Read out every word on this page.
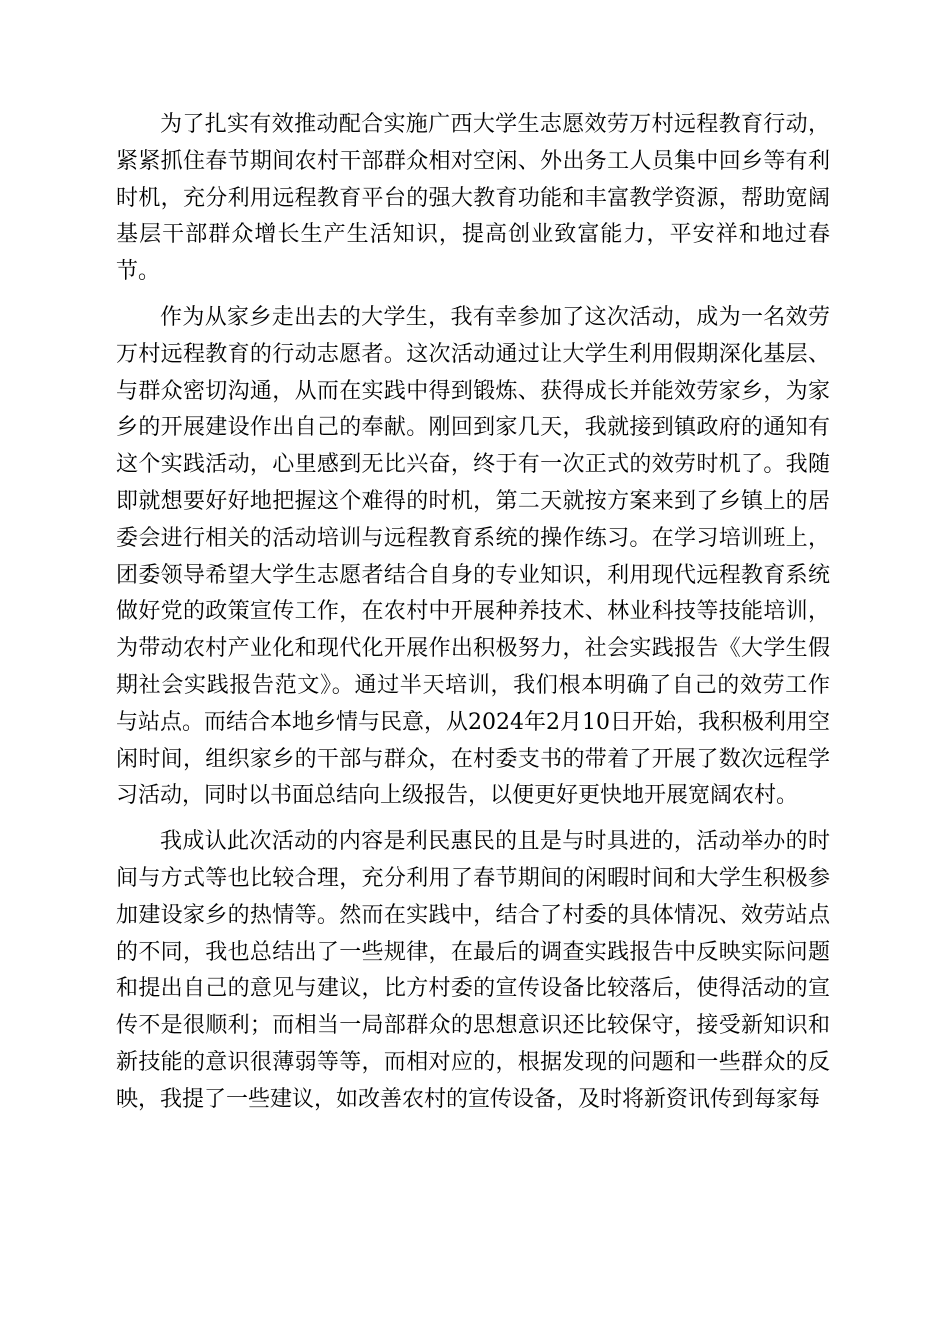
为了扎实有效推动配合实施广西大学生志愿效劳万村远程教育行动，紧紧抓住春节期间农村干部群众相对空闲、外出务工人员集中回乡等有利时机，充分利用远程教育平台的强大教育功能和丰富教学资源，帮助宽阔基层干部群众增长生产生活知识，提高创业致富能力，平安祥和地过春节。

作为从家乡走出去的大学生，我有幸参加了这次活动，成为一名效劳万村远程教育的行动志愿者。这次活动通过让大学生利用假期深化基层、与群众密切沟通，从而在实践中得到锻炼、获得成长并能效劳家乡，为家乡的开展建设作出自己的奉献。刚回到家几天，我就接到镇政府的通知有这个实践活动，心里感到无比兴奋，终于有一次正式的效劳时机了。我随即就想要好好地把握这个难得的时机，第二天就按方案来到了乡镇上的居委会进行相关的活动培训与远程教育系统的操作练习。在学习培训班上，团委领导希望大学生志愿者结合自身的专业知识，利用现代远程教育系统做好党的政策宣传工作，在农村中开展种养技术、林业科技等技能培训，为带动农村产业化和现代化开展作出积极努力，社会实践报告《大学生假期社会实践报告范文》。通过半天培训，我们根本明确了自己的效劳工作与站点。而结合本地乡情与民意，从2024年2月10日开始，我积极利用空闲时间，组织家乡的干部与群众，在村委支书的带着了开展了数次远程学习活动，同时以书面总结向上级报告，以便更好更快地开展宽阔农村。

我成认此次活动的内容是利民惠民的且是与时具进的，活动举办的时间与方式等也比较合理，充分利用了春节期间的闲暇时间和大学生积极参加建设家乡的热情等。然而在实践中，结合了村委的具体情况、效劳站点的不同，我也总结出了一些规律，在最后的调查实践报告中反映实际问题和提出自己的意见与建议，比方村委的宣传设备比较落后，使得活动的宣传不是很顺利；而相当一局部群众的思想意识还比较保守，接受新知识和新技能的意识很薄弱等等，而相对应的，根据发现的问题和一些群众的反映，我提了一些建议，如改善农村的宣传设备，及时将新资讯传到每家每
